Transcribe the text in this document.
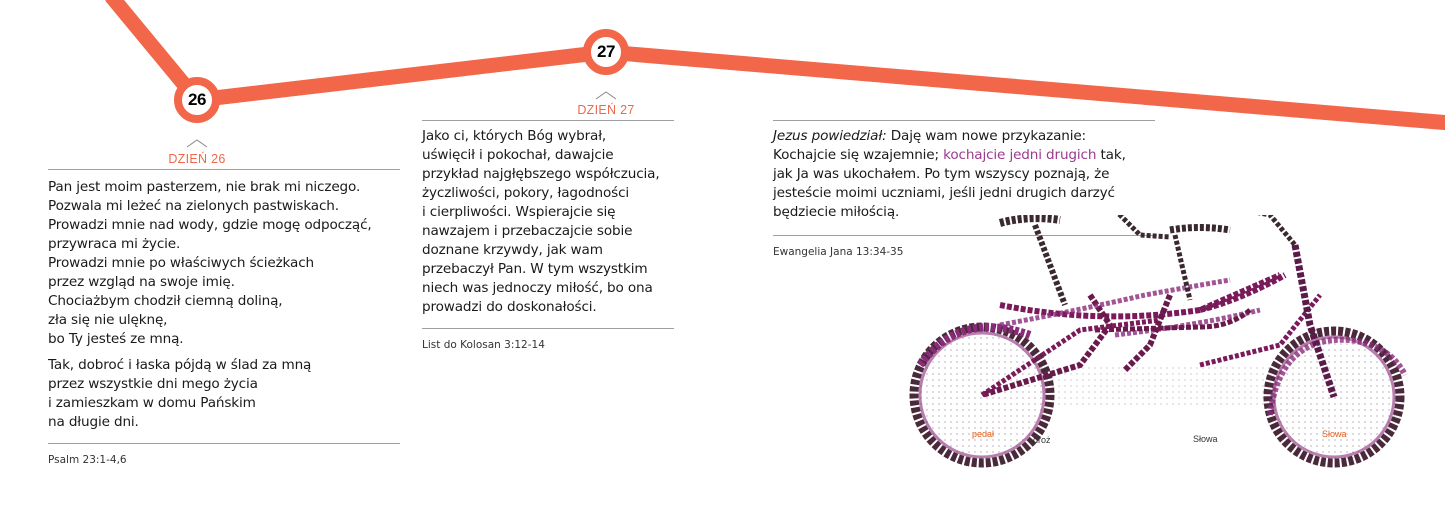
26
DZIEŃ 26
27
DZIEŃ 27

Pan jest moim pasterzem, nie brak mi niczego.
Pozwala mi leżeć na zielonych pastwiskach.
Prowadzi mnie nad wody, gdzie mogę odpocząć,
przywraca mi życie.
Prowadzi mnie po właściwych ścieżkach
przez wzgląd na swoje imię.
Chociażbym chodził ciemną doliną,
zła się nie ulęknę,
bo Ty jesteś ze mną.

Tak, dobroć i łaska pójdą w ślad za mną
przez wszystkie dni mego życia
i zamieszkam w domu Pańskim
na długie dni.

Psalm 23:1-4,6
Jako ci, których Bóg wybrał,
uświęcił i pokochał, dawajcie
przykład najgłębszego współczucia,
życzliwości, pokory, łagodności
i cierpliwości. Wspierajcie się
nawzajem i przebaczajcie sobie
doznane krzywdy, jak wam
przebaczył Pan. W tym wszystkim
niech was jednoczy miłość, bo ona
prowadzi do doskonałości.
List do Kolosan 3:12-14
Jezus powiedział: Daję wam nowe przykazanie:
Kochajcie się wzajemnie; kochajcie jedni drugich tak,
jak Ja was ukochałem. Po tym wszyscy poznają, że
jesteście moimi uczniami, jeśli jedni drugich darzyć
będziecie miłością.
Ewangelia Jana 13:34-35
pedał	Słowa
droż	Słowa
